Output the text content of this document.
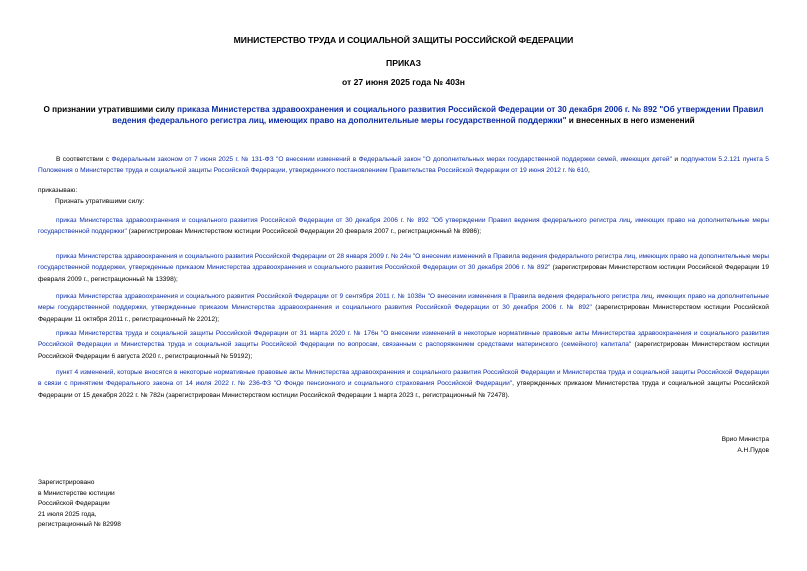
МИНИСТЕРСТВО ТРУДА И СОЦИАЛЬНОЙ ЗАЩИТЫ РОССИЙСКОЙ ФЕДЕРАЦИИ
ПРИКАЗ
от 27 июня 2025 года № 403н
О признании утратившими силу приказа Министерства здравоохранения и социального развития Российской Федерации от 30 декабря 2006 г. № 892 "Об утверждении Правил ведения федерального регистра лиц, имеющих право на дополнительные меры государственной поддержки" и внесенных в него изменений
В соответствии с Федеральным законом от 7 июня 2025 г. № 131-ФЗ "О внесении изменений в Федеральный закон "О дополнительных мерах государственной поддержки семей, имеющих детей" и подпунктом 5.2.121 пункта 5 Положения о Министерстве труда и социальной защиты Российской Федерации, утвержденного постановлением Правительства Российской Федерации от 19 июня 2012 г. № 610,
приказываю:
Признать утратившими силу:
приказ Министерства здравоохранения и социального развития Российской Федерации от 30 декабря 2006 г. № 892 "Об утверждении Правил ведения федерального регистра лиц, имеющих право на дополнительные меры государственной поддержки" (зарегистрирован Министерством юстиции Российской Федерации 20 февраля 2007 г., регистрационный № 8986);
приказ Министерства здравоохранения и социального развития Российской Федерации от 28 января 2009 г. № 24н "О внесении изменений в Правила ведения федерального регистра лиц, имеющих право на дополнительные меры государственной поддержки, утвержденные приказом Министерства здравоохранения и социального развития Российской Федерации от 30 декабря 2006 г. № 892" (зарегистрирован Министерством юстиции Российской Федерации 19 февраля 2009 г., регистрационный № 13398);
приказ Министерства здравоохранения и социального развития Российской Федерации от 9 сентября 2011 г. № 1038н "О внесении изменения в Правила ведения федерального регистра лиц, имеющих право на дополнительные меры государственной поддержки, утвержденные приказом Министерства здравоохранения и социального развития Российской Федерации от 30 декабря 2006 г. № 892" (зарегистрирован Министерством юстиции Российской Федерации 11 октября 2011 г., регистрационный № 22012);
приказ Министерства труда и социальной защиты Российской Федерации от 31 марта 2020 г. № 176н "О внесении изменений в некоторые нормативные правовые акты Министерства здравоохранения и социального развития Российской Федерации и Министерства труда и социальной защиты Российской Федерации по вопросам, связанным с распоряжением средствами материнского (семейного) капитала" (зарегистрирован Министерством юстиции Российской Федерации 6 августа 2020 г., регистрационный № 59192);
пункт 4 изменений, которые вносятся в некоторые нормативные правовые акты Министерства здравоохранения и социального развития Российской Федерации и Министерства труда и социальной защиты Российской Федерации в связи с принятием Федерального закона от 14 июля 2022 г. № 236-ФЗ "О Фонде пенсионного и социального страхования Российской Федерации", утвержденных приказом Министерства труда и социальной защиты Российской Федерации от 15 декабря 2022 г. № 782н (зарегистрирован Министерством юстиции Российской Федерации 1 марта 2023 г., регистрационный № 72478).
Врио Министра
А.Н.Пудов
Зарегистрировано
в Министерстве юстиции
Российской Федерации
21 июля 2025 года,
регистрационный № 82998
